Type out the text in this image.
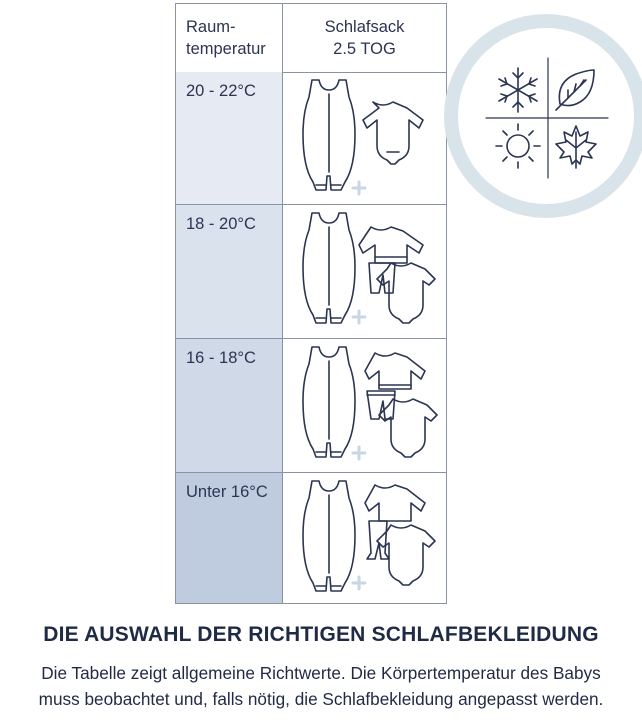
Raum-
temperatur
Schlafsack
2.5 TOG
20 - 22°C
18 - 20°C
16 - 18°C
Unter 16°C
DIE AUSWAHL DER RICHTIGEN SCHLAFBEKLEIDUNG
Die Tabelle zeigt allgemeine Richtwerte. Die Körpertemperatur des Babys
muss beobachtet und, falls nötig, die Schlafbekleidung angepasst werden.
